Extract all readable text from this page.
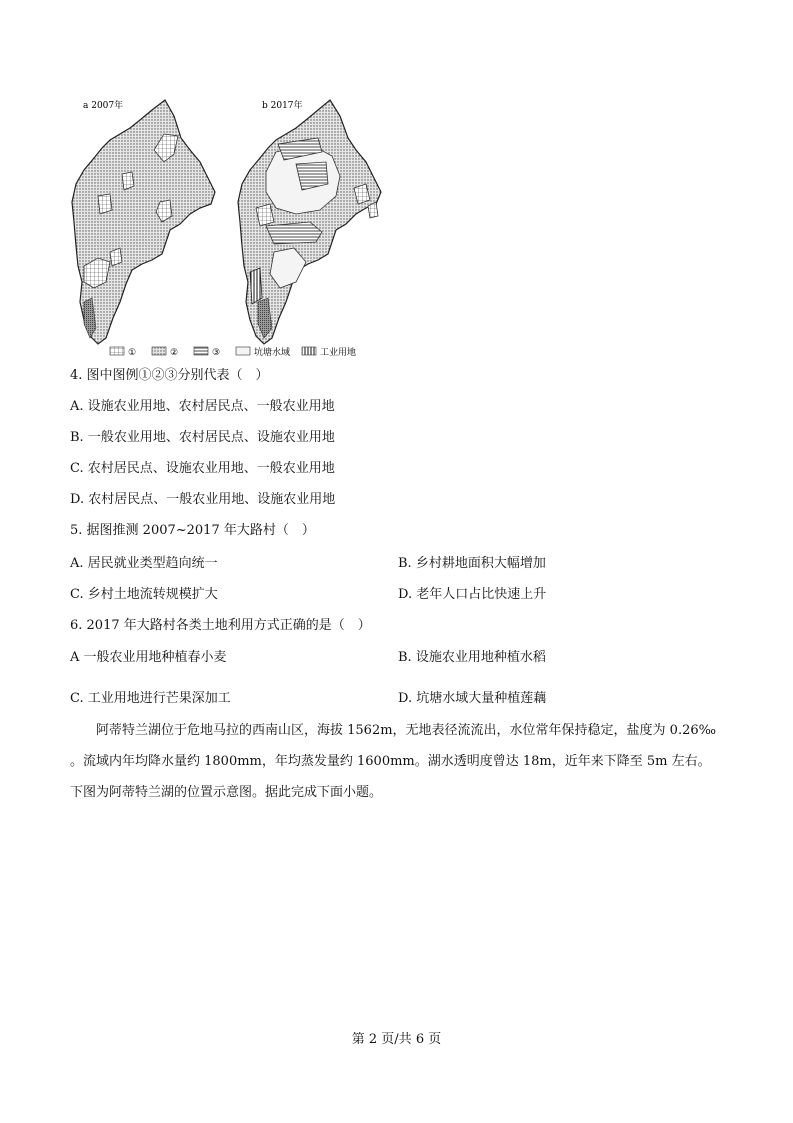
a 2007年	b 2017年
①	②	③	坑塘水域	工业用地
4. 图中图例①②③分别代表（　）
A. 设施农业用地、农村居民点、一般农业用地
B. 一般农业用地、农村居民点、设施农业用地
C. 农村居民点、设施农业用地、一般农业用地
D. 农村居民点、一般农业用地、设施农业用地
5. 据图推测 2007~2017 年大路村（　）
A. 居民就业类型趋向统一	B. 乡村耕地面积大幅增加
C. 乡村土地流转规模扩大	D. 老年人口占比快速上升
6. 2017 年大路村各类土地利用方式正确的是（　）
A 一般农业用地种植春小麦	B. 设施农业用地种植水稻
C. 工业用地进行芒果深加工	D. 坑塘水域大量种植莲藕

阿蒂特兰湖位于危地马拉的西南山区，海拔 1562m，无地表径流流出，水位常年保持稳定，盐度为 0.26‰

。流域内年均降水量约 1800mm，年均蒸发量约 1600mm。湖水透明度曾达 18m，近年来下降至 5m 左右。

下图为阿蒂特兰湖的位置示意图。据此完成下面小题。

第 2 页/共 6 页
